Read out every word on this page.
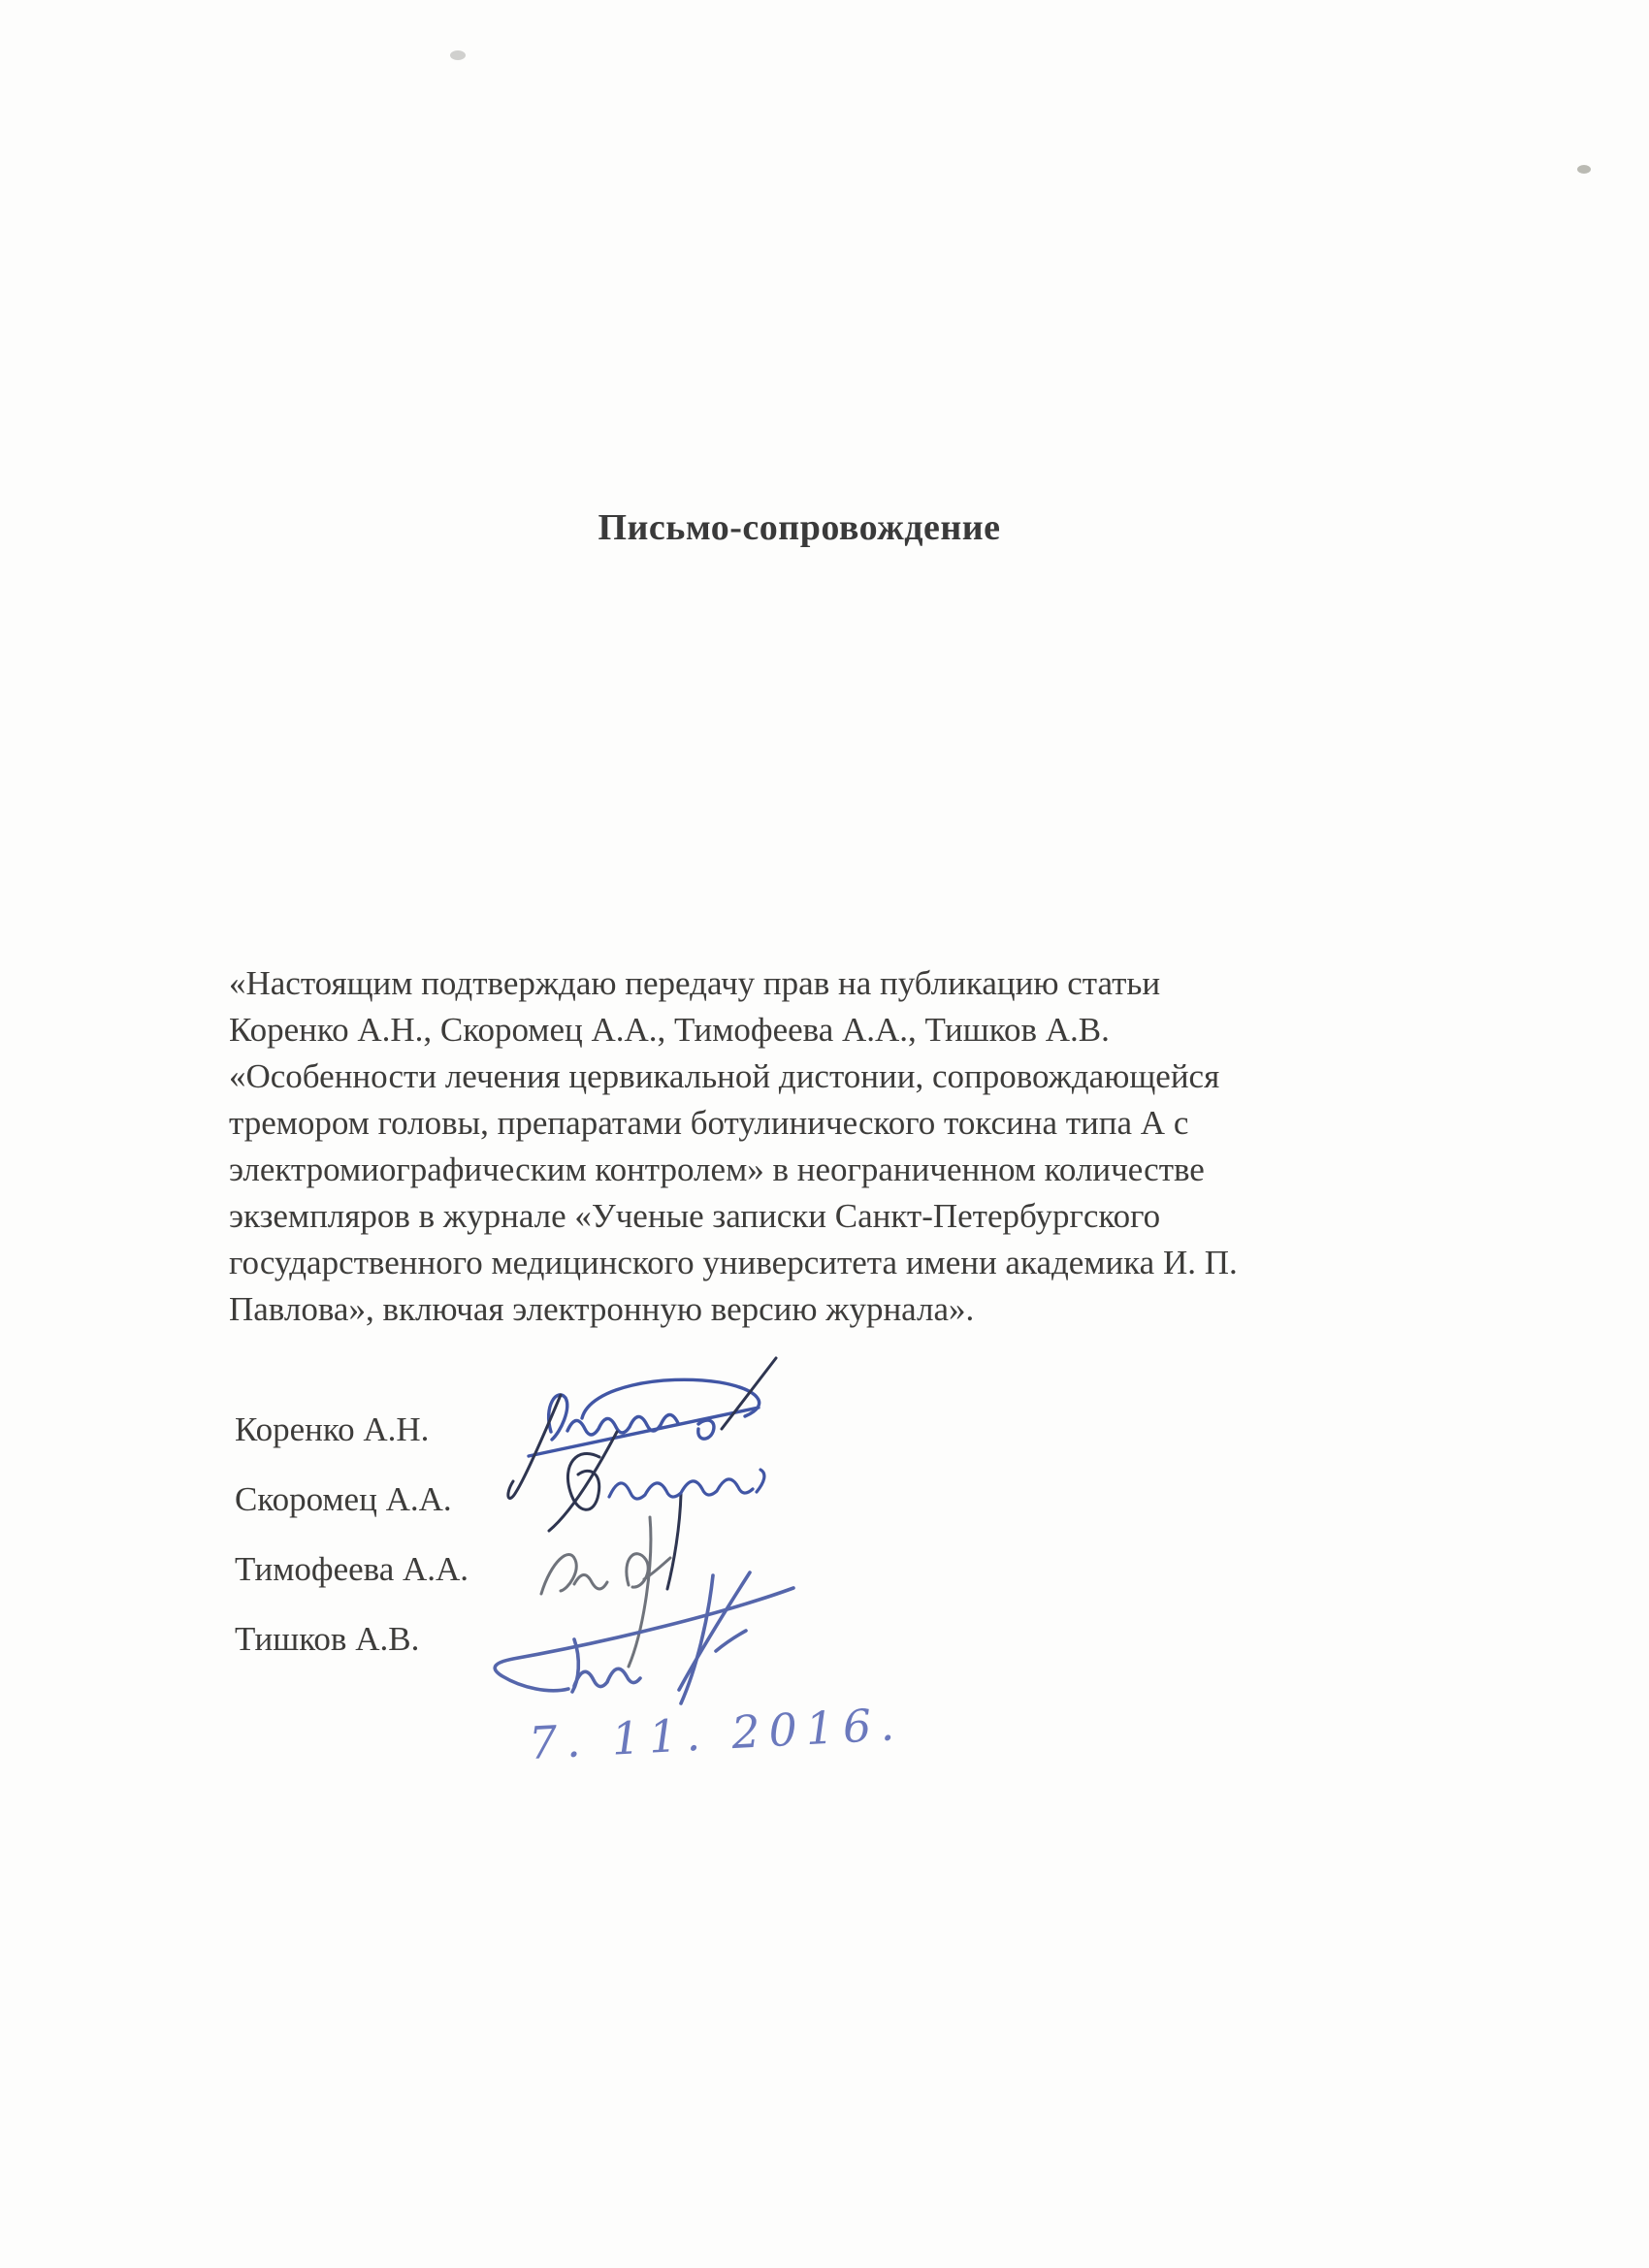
Письмо-сопровождение
«Настоящим подтверждаю передачу прав на публикацию статьи
Коренко А.Н., Скоромец А.А., Тимофеева А.А., Тишков А.В.
«Особенности лечения цервикальной дистонии, сопровождающейся
тремором головы, препаратами ботулинического токсина типа А с
электромиографическим контролем» в неограниченном количестве
экземпляров в журнале «Ученые записки Санкт-Петербургского
государственного медицинского университета имени академика И. П.
Павлова», включая электронную версию журнала».
Коренко А.Н.
Скоромец А.А.
Тимофеева А.А.
Тишков А.В.
7. 11. 2016.
